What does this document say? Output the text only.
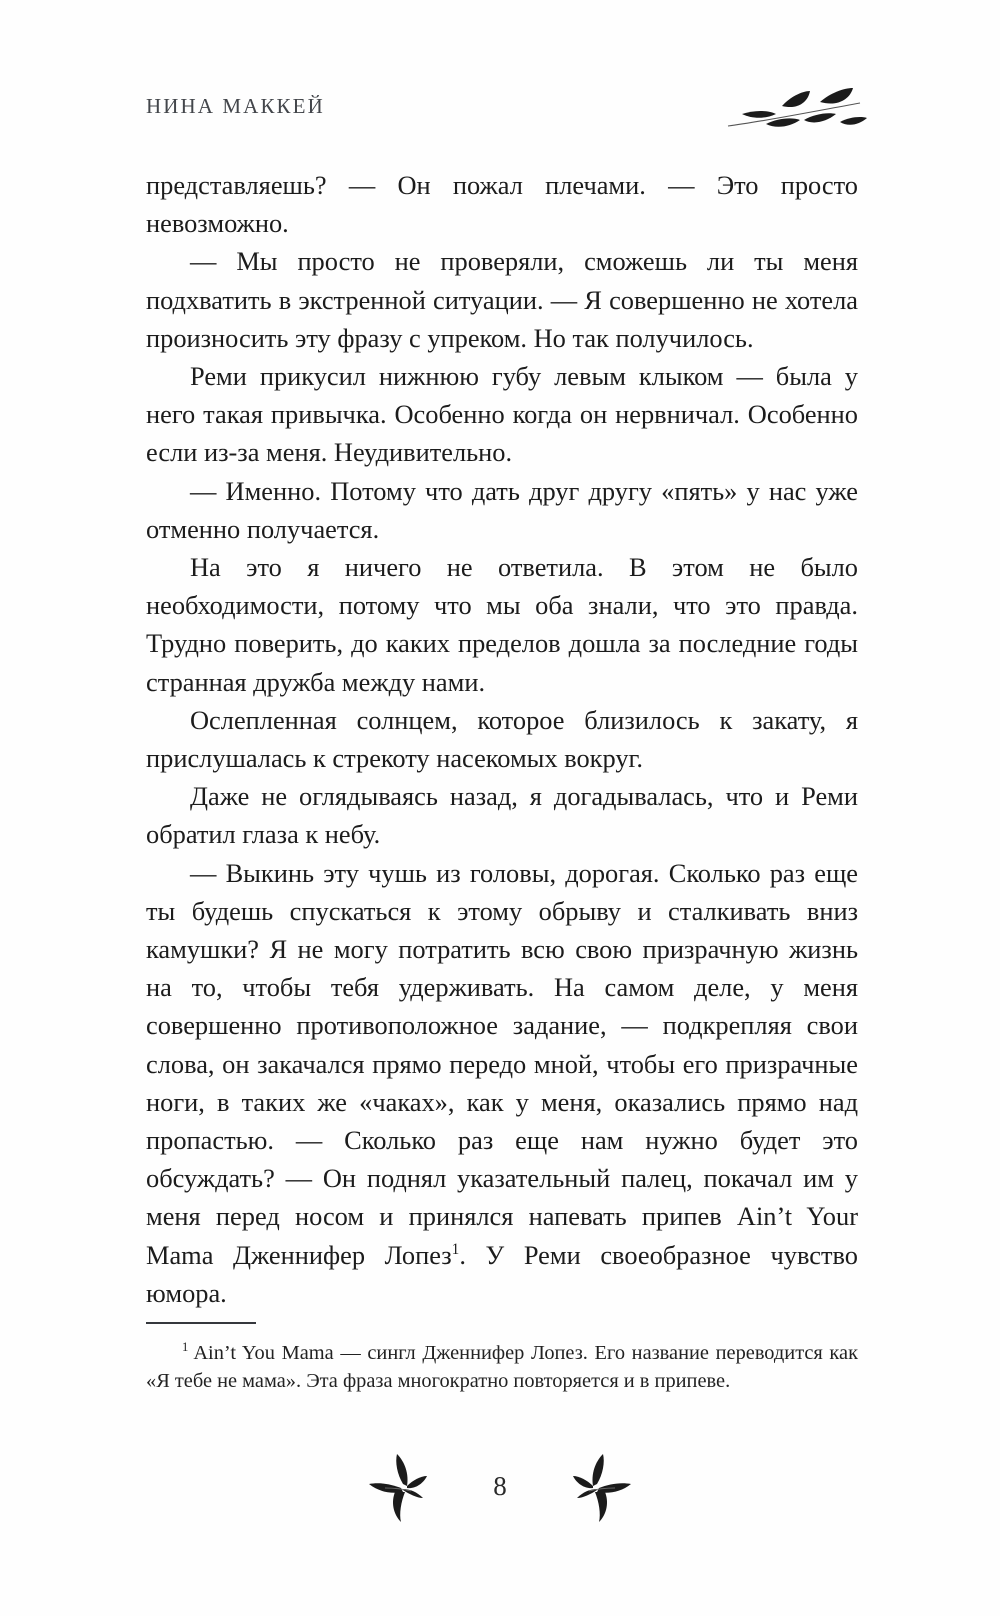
НИНА МАККЕЙ

представляешь? — Он пожал плечами. — Это просто невозможно.

— Мы просто не проверяли, сможешь ли ты меня подхватить в экстренной ситуации. — Я совершенно не хотела произносить эту фразу с упреком. Но так получилось.

Реми прикусил нижнюю губу левым клыком — была у него такая привычка. Особенно когда он нервничал. Особенно если из-за меня. Неудивительно.

— Именно. Потому что дать друг другу «пять» у нас уже отменно получается.

На это я ничего не ответила. В этом не было необходимости, потому что мы оба знали, что это правда. Трудно поверить, до каких пределов дошла за последние годы странная дружба между нами.

Ослепленная солнцем, которое близилось к закату, я прислушалась к стрекоту насекомых вокруг.

Даже не оглядываясь назад, я догадывалась, что и Реми обратил глаза к небу.

— Выкинь эту чушь из головы, дорогая. Сколько раз еще ты будешь спускаться к этому обрыву и сталкивать вниз камушки? Я не могу потратить всю свою призрачную жизнь на то, чтобы тебя удерживать. На самом деле, у меня совершенно противоположное задание, — подкрепляя свои слова, он закачался прямо передо мной, чтобы его призрачные ноги, в таких же «чаках», как у меня, оказались прямо над пропастью. — Сколько раз еще нам нужно будет это обсуждать? — Он поднял указательный палец, покачал им у меня перед носом и принялся напевать припев Ain’t Your Mama Дженнифер Лопез$^1$. У Реми своеобразное чувство юмора.

$^1$ Ain’t You Mama — сингл Дженнифер Лопез. Его название переводится как «Я тебе не мама». Эта фраза многократно повторяется и в припеве.

8
